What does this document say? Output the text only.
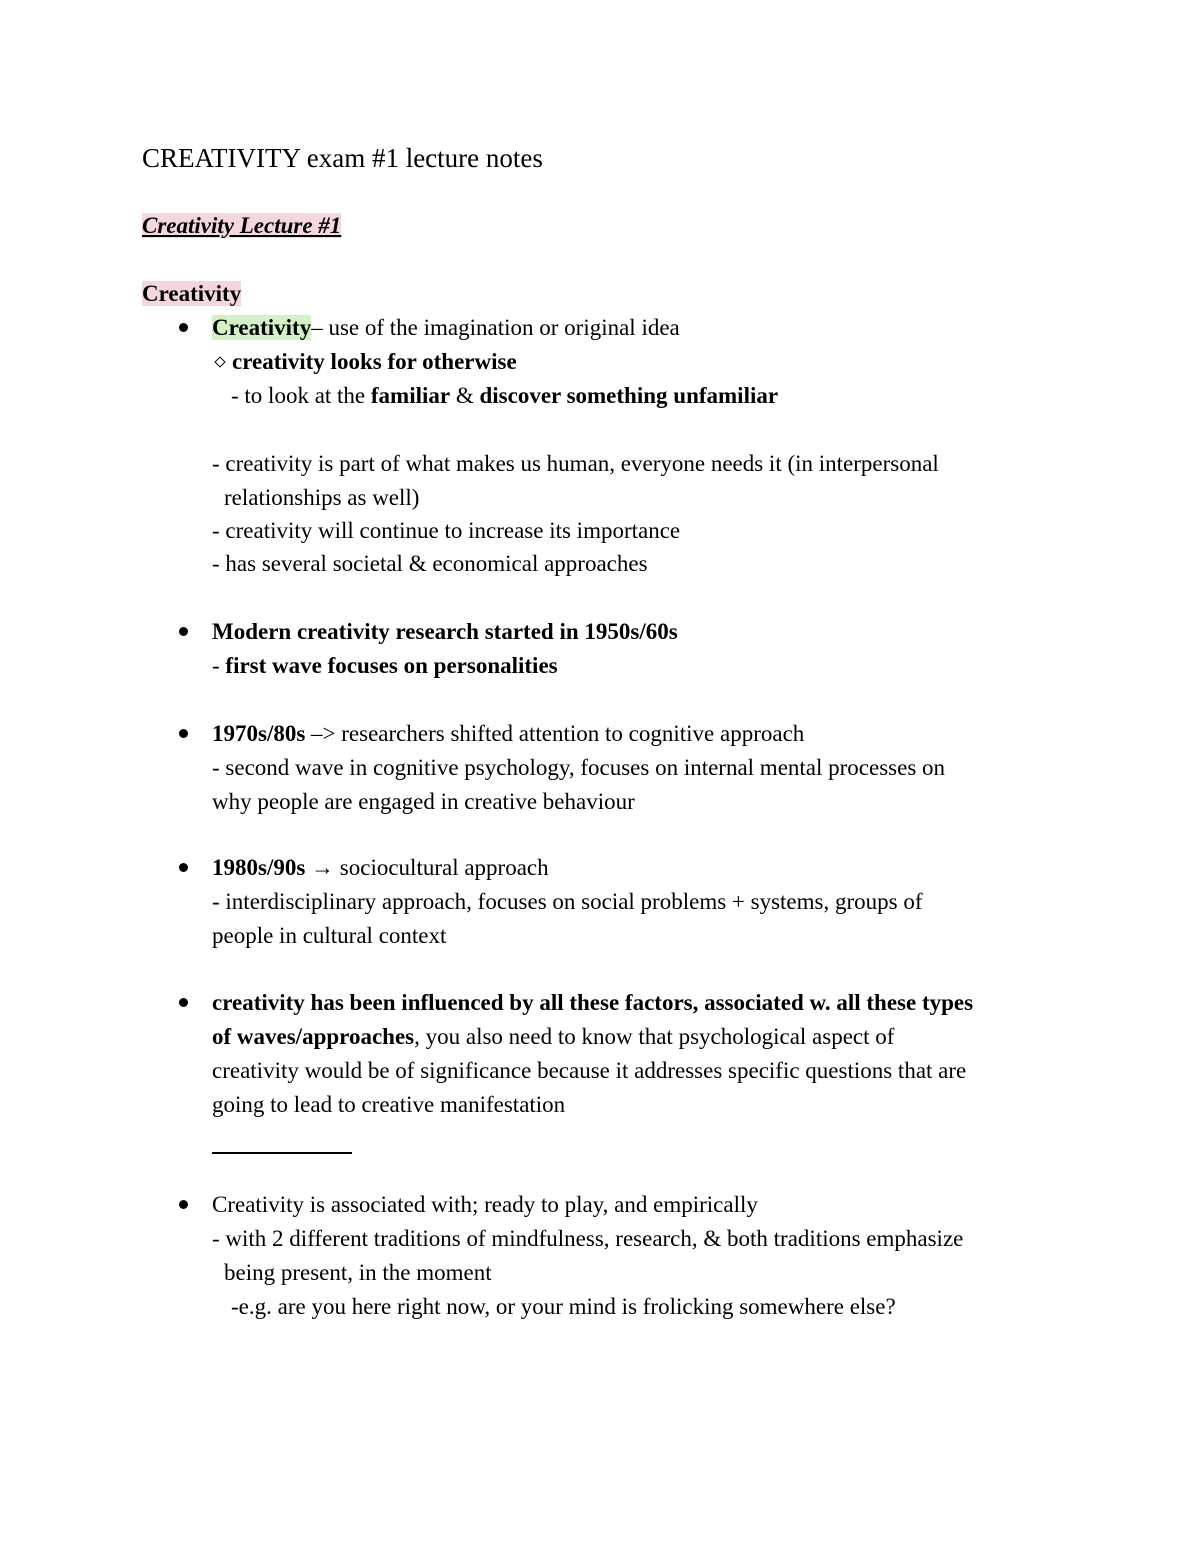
CREATIVITY exam #1 lecture notes
Creativity Lecture #1
Creativity
Creativity– use of the imagination or original idea
creativity looks for otherwise
- to look at the familiar & discover something unfamiliar
- creativity is part of what makes us human, everyone needs it (in interpersonal
relationships as well)
- creativity will continue to increase its importance
- has several societal & economical approaches
Modern creativity research started in 1950s/60s
- first wave focuses on personalities
1970s/80s –> researchers shifted attention to cognitive approach
- second wave in cognitive psychology, focuses on internal mental processes on
why people are engaged in creative behaviour
1980s/90s → sociocultural approach
- interdisciplinary approach, focuses on social problems + systems, groups of
people in cultural context
creativity has been influenced by all these factors, associated w. all these types
of waves/approaches, you also need to know that psychological aspect of
creativity would be of significance because it addresses specific questions that are
going to lead to creative manifestation
Creativity is associated with; ready to play, and empirically
- with 2 different traditions of mindfulness, research, & both traditions emphasize
being present, in the moment
-e.g. are you here right now, or your mind is frolicking somewhere else?
